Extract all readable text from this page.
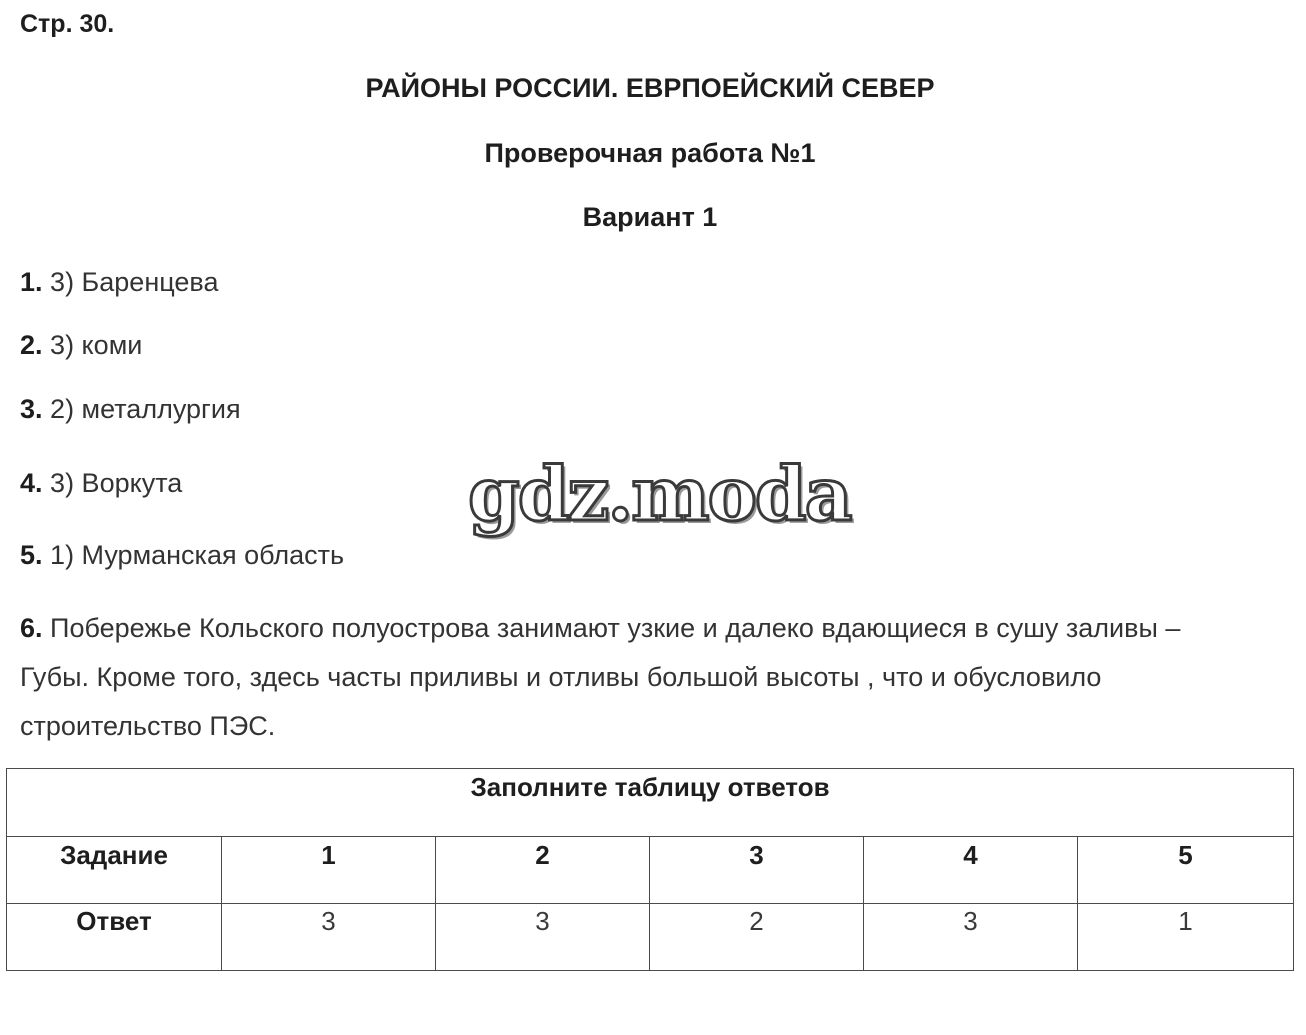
Стр. 30.
РАЙОНЫ РОССИИ. ЕВРПОЕЙСКИЙ СЕВЕР
Проверочная работа №1
Вариант 1
1. 3) Баренцева
2. 3) коми
3. 2) металлургия
4. 3) Воркута
5. 1) Мурманская область
6. Побережье Кольского полуострова занимают узкие и далеко вдающиеся в сушу заливы –
Губы. Кроме того, здесь часты приливы и отливы большой высоты , что и обусловило
строительство ПЭС.
gdz.moda
Заполните таблицу ответов					
Задание	1	2	3	4	5
Ответ	3	3	2	3	1
